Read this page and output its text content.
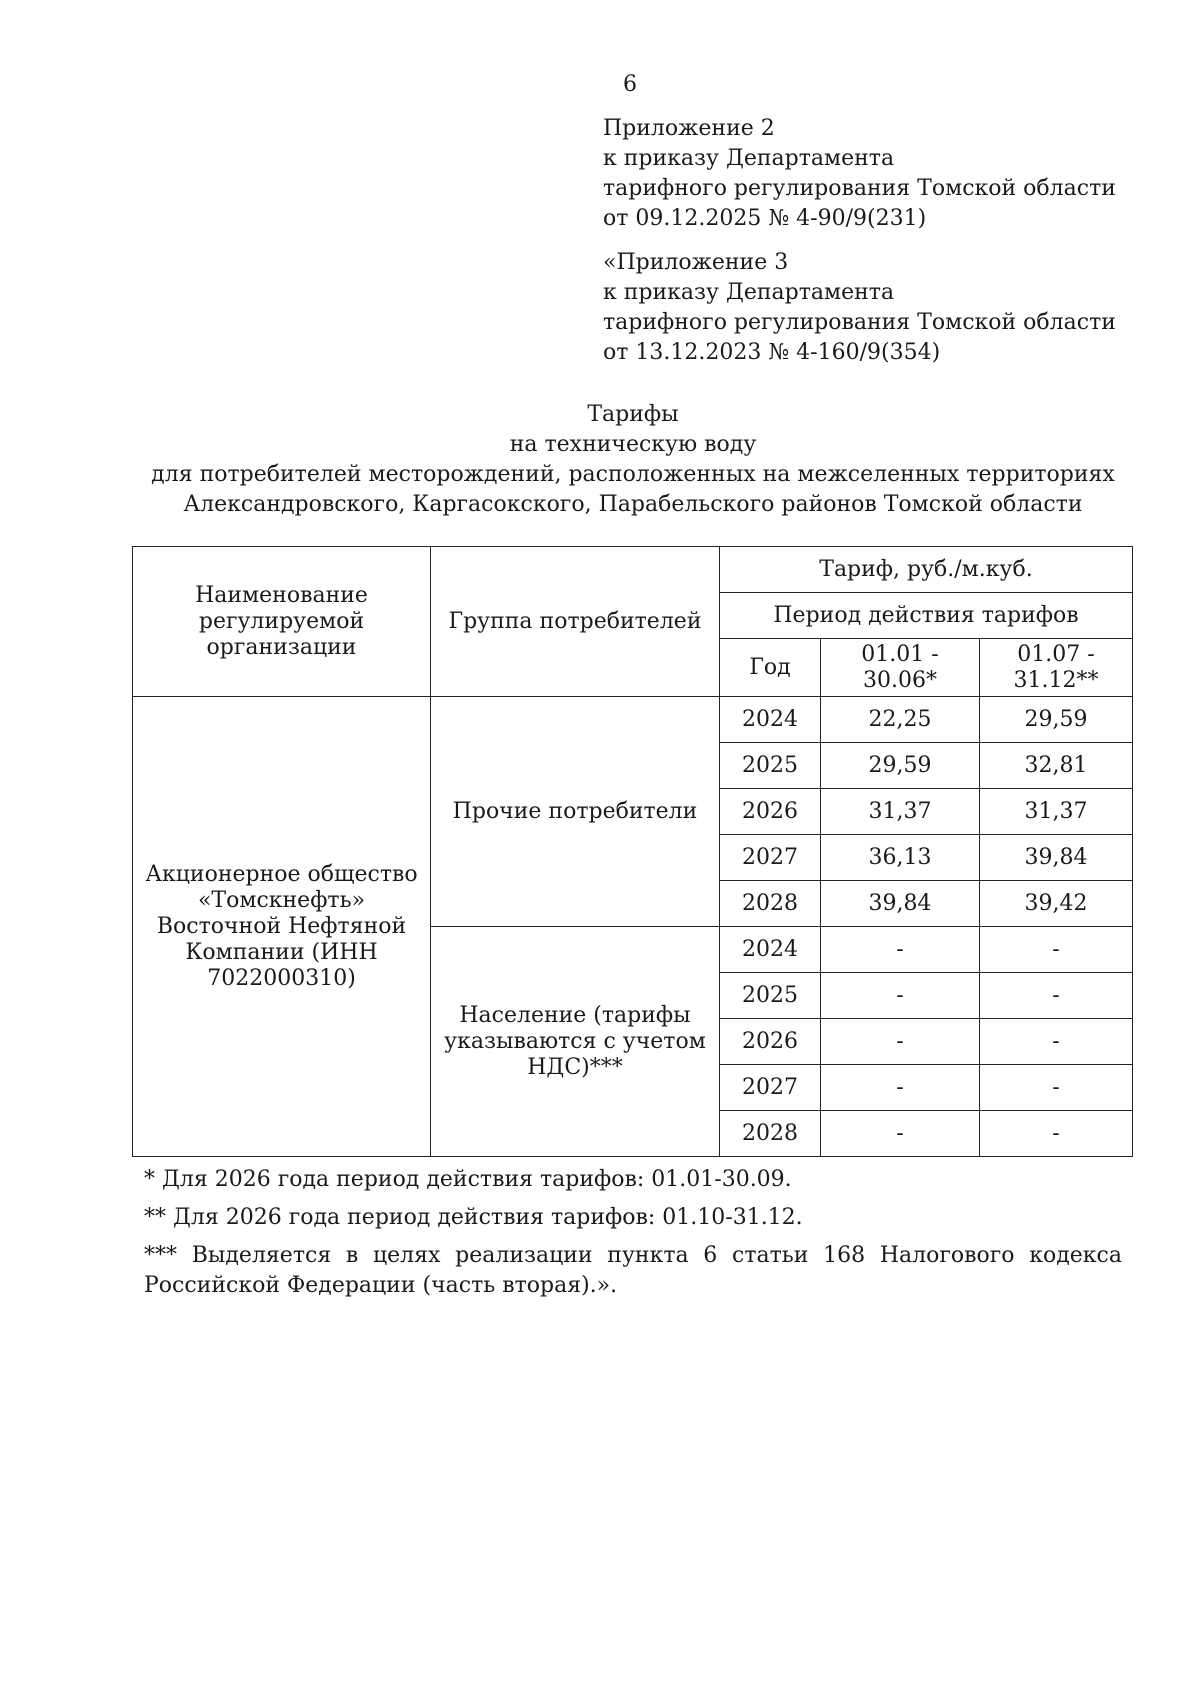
6
Приложение 2
к приказу Департамента
тарифного регулирования Томской области
от 09.12.2025 № 4-90/9(231)
«Приложение 3
к приказу Департамента
тарифного регулирования Томской области
от 13.12.2023 № 4-160/9(354)
Тарифы
на техническую воду
для потребителей месторождений, расположенных на межселенных территориях
Александровского, Каргасокского, Парабельского районов Томской области
Наименование регулируемой организации	Группа потребителей	Тариф, руб./м.куб.		
		Период действия тарифов		
		Год	01.01 - 30.06*	01.07 - 31.12**
Акционерное общество «Томскнефть» Восточной Нефтяной Компании (ИНН 7022000310)	Прочие потребители	2024	22,25	29,59
		2025	29,59	32,81
		2026	31,37	31,37
		2027	36,13	39,84
		2028	39,84	39,42
	Население (тарифы указываются с учетом НДС)***	2024	-	-
		2025	-	-
		2026	-	-
		2027	-	-
		2028	-	-

* Для 2026 года период действия тарифов: 01.01-30.09.

** Для 2026 года период действия тарифов: 01.10-31.12.

*** Выделяется в целях реализации пункта 6 статьи 168 Налогового кодекса Российской Федерации (часть вторая).».
